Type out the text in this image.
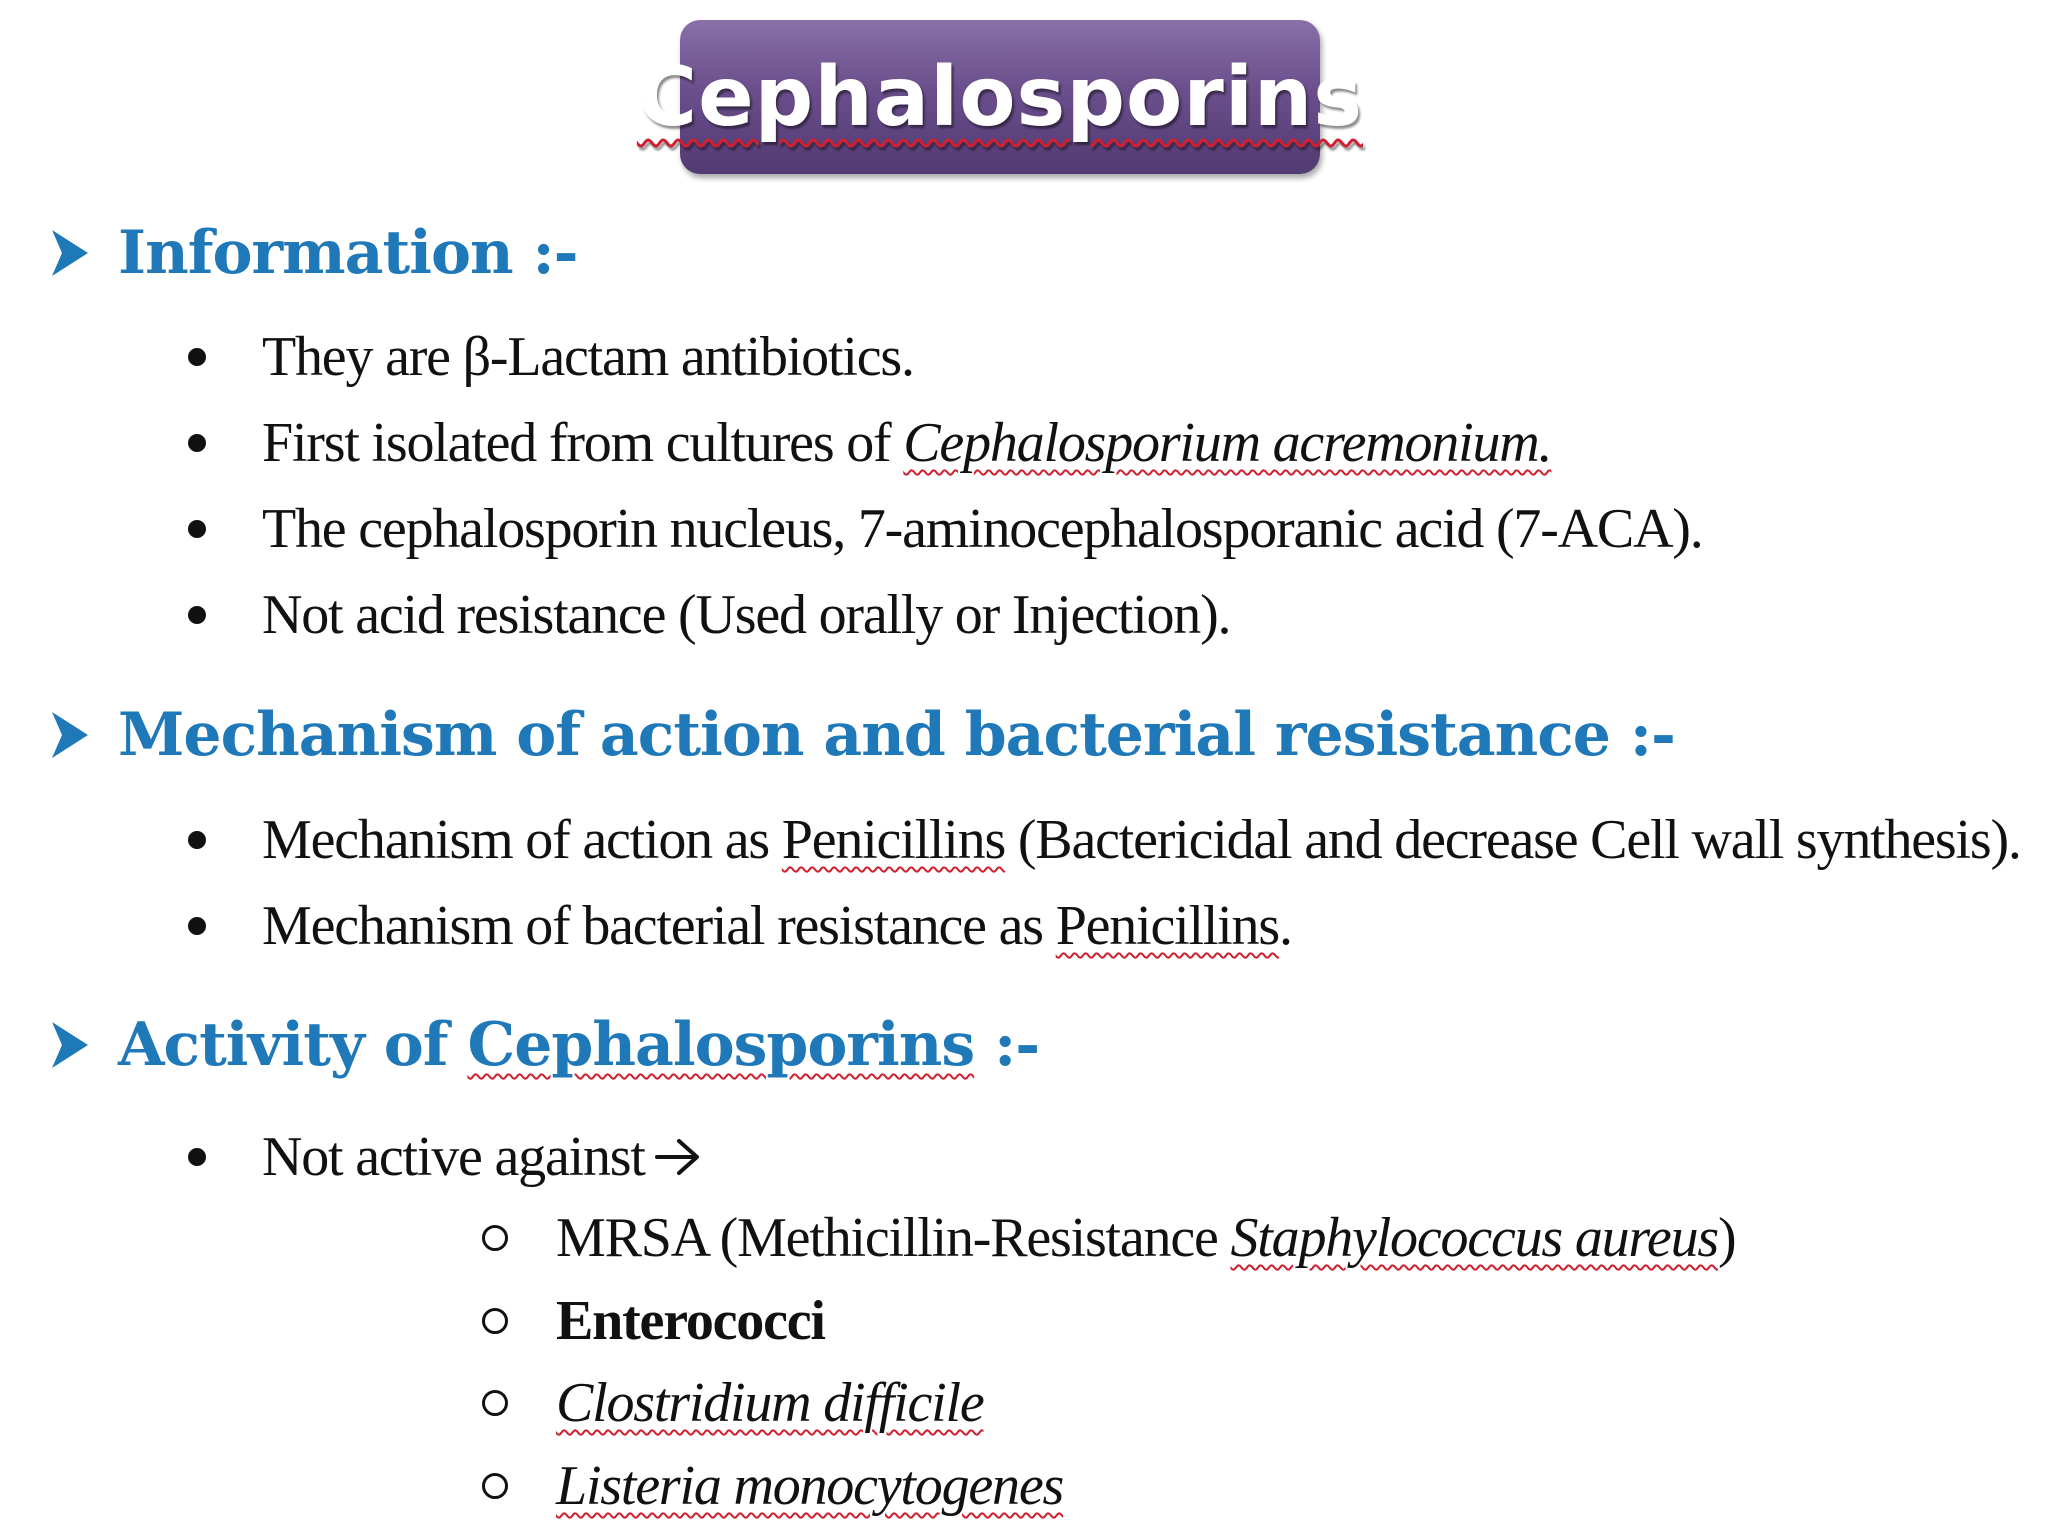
Cephalosporins
Information :-
They are β-Lactam antibiotics.
First isolated from cultures of Cephalosporium acremonium.
The cephalosporin nucleus, 7-aminocephalosporanic acid (7-ACA).
Not acid resistance (Used orally or Injection).
Mechanism of action and bacterial resistance :-
Mechanism of action as Penicillins (Bactericidal and decrease Cell wall synthesis).
Mechanism of bacterial resistance as Penicillins .
Activity of Cephalosporins :-
Not active against
MRSA (Methicillin-Resistance Staphylococcus aureus )
Enterococci
Clostridium difficile
Listeria monocytogenes
